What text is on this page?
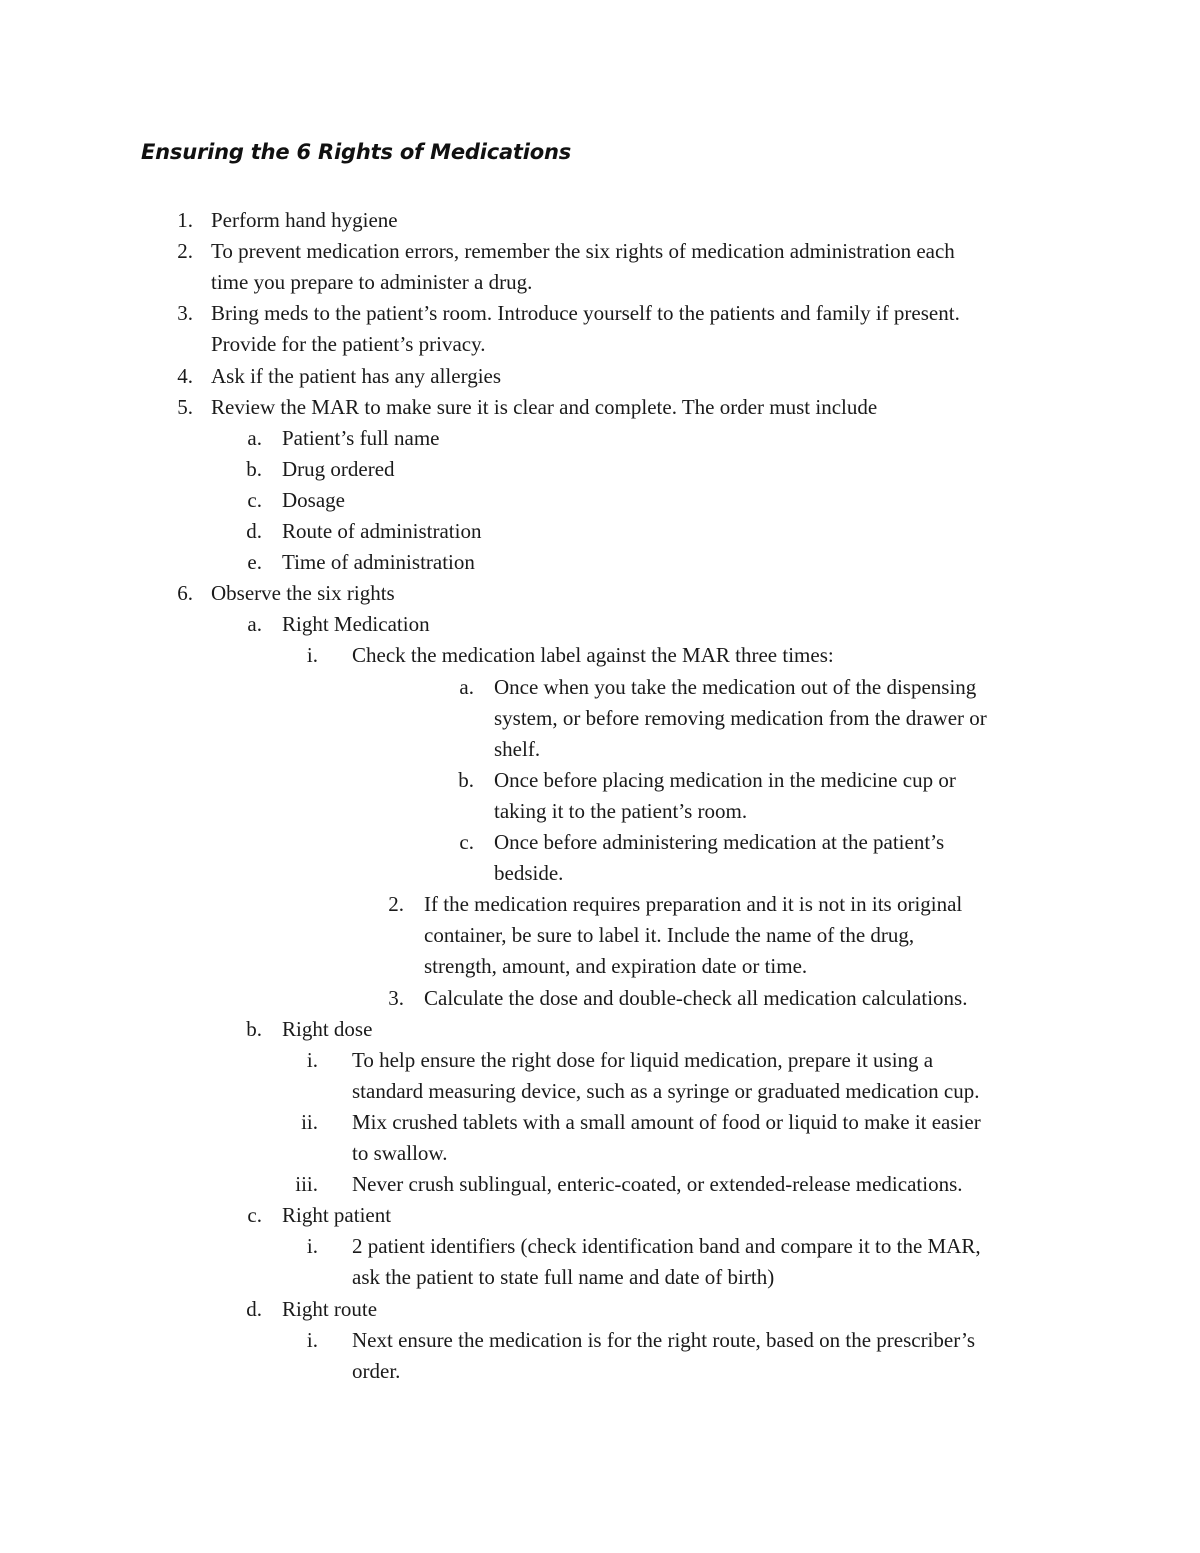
Ensuring the 6 Rights of Medications
1. Perform hand hygiene
2. To prevent medication errors, remember the six rights of medication administration each
time you prepare to administer a drug.
3. Bring meds to the patient’s room. Introduce yourself to the patients and family if present.
Provide for the patient’s privacy.
4. Ask if the patient has any allergies
5. Review the MAR to make sure it is clear and complete. The order must include
a. Patient’s full name
b. Drug ordered
c. Dosage
d. Route of administration
e. Time of administration
6. Observe the six rights
a. Right Medication
i. Check the medication label against the MAR three times:
a. Once when you take the medication out of the dispensing
system, or before removing medication from the drawer or
shelf.
b. Once before placing medication in the medicine cup or
taking it to the patient’s room.
c. Once before administering medication at the patient’s
bedside.
2. If the medication requires preparation and it is not in its original
container, be sure to label it. Include the name of the drug,
strength, amount, and expiration date or time.
3. Calculate the dose and double-check all medication calculations.
b. Right dose
i. To help ensure the right dose for liquid medication, prepare it using a
standard measuring device, such as a syringe or graduated medication cup.
ii. Mix crushed tablets with a small amount of food or liquid to make it easier
to swallow.
iii. Never crush sublingual, enteric-coated, or extended-release medications.
c. Right patient
i. 2 patient identifiers (check identification band and compare it to the MAR,
ask the patient to state full name and date of birth)
d. Right route
i. Next ensure the medication is for the right route, based on the prescriber’s
order.
